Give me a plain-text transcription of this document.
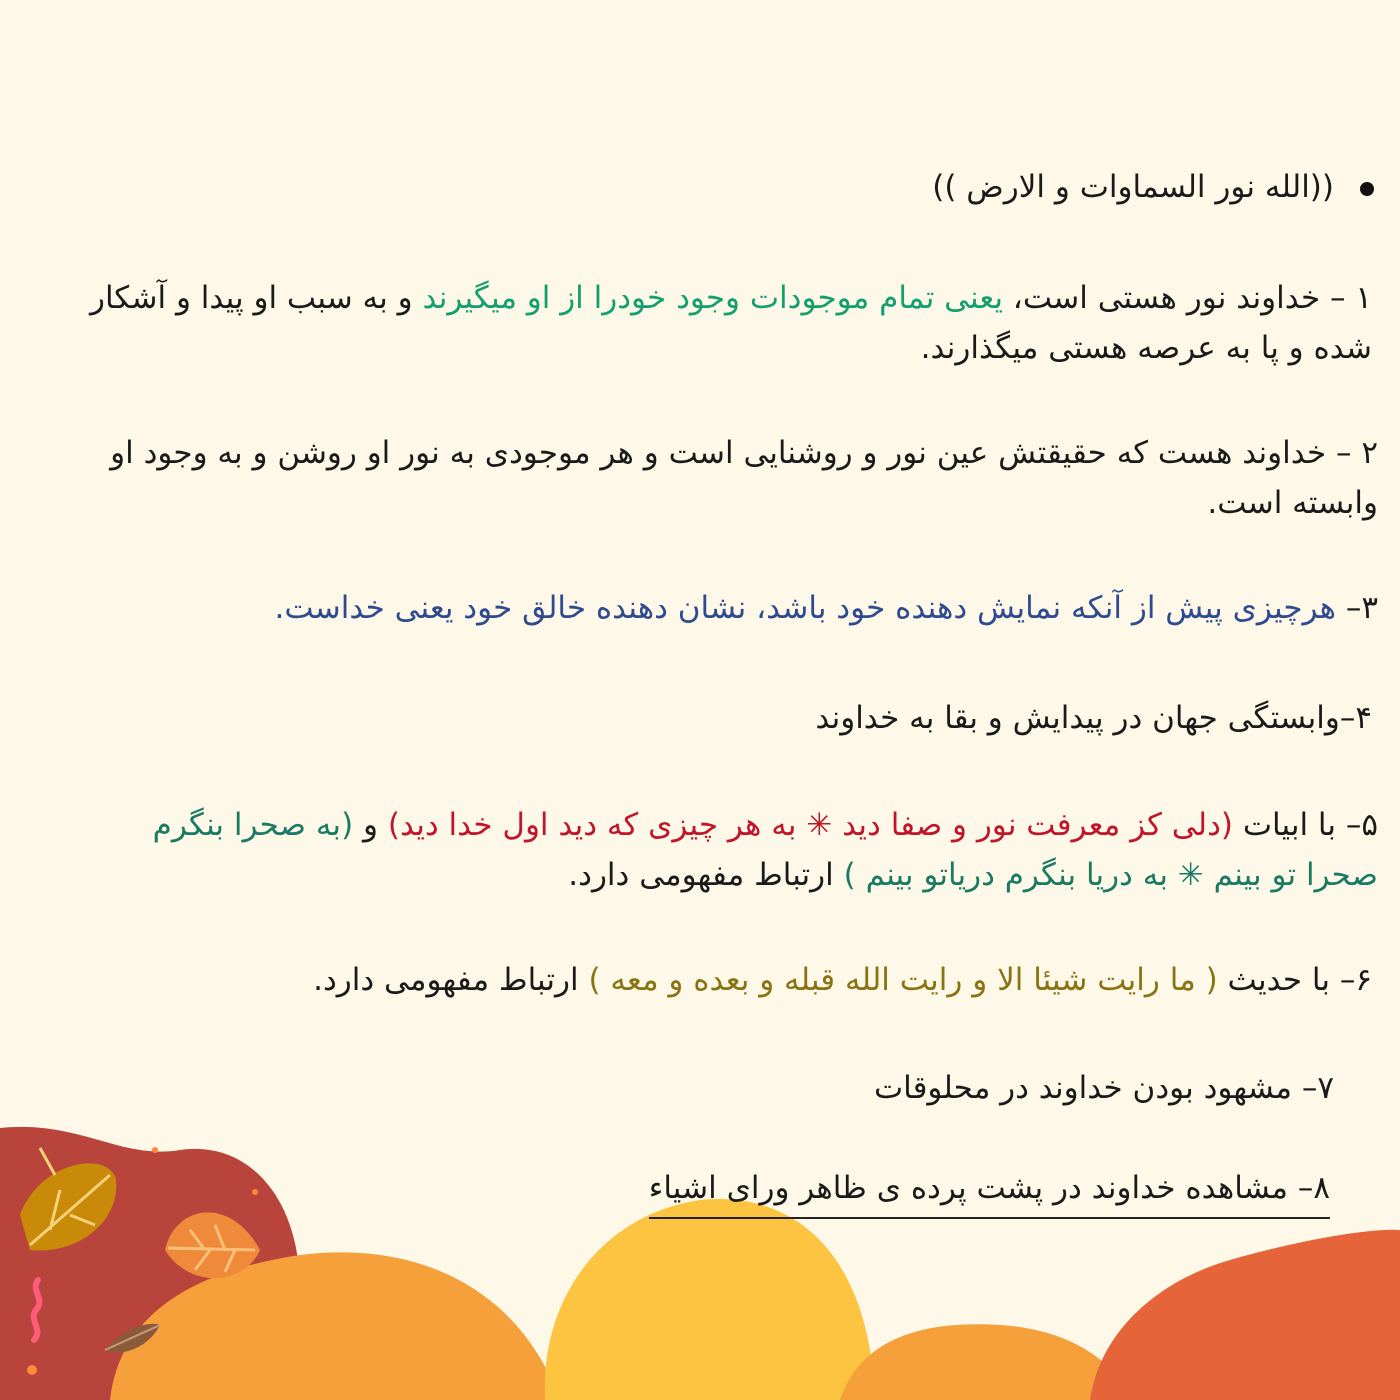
((الله نور السماوات و الارض ))

۱ – خداوند نور هستی است، یعنی تمام موجودات وجود خودرا از او میگیرند و به سبب او پیدا و آشکار شده و پا به عرصه هستی میگذارند.

۲ – خداوند هست که حقیقتش عین نور و روشنایی است و هر موجودی به نور او روشن و به وجود او وابسته است.

۳– هرچیزی پیش از آنکه نمایش دهنده خود باشد، نشان دهنده خالق خود یعنی خداست.

۴–وابستگی جهان در پیدایش و بقا به خداوند

۵– با ابیات (دلی کز معرفت نور و صفا دید ✳ به هر چیزی که دید اول خدا دید) و (به صحرا بنگرم صحرا تو بینم ✳ به دریا بنگرم دریاتو بینم ) ارتباط مفهومی دارد.

۶– با حدیث ( ما رایت شیئا الا و رایت الله قبله و بعده و معه ) ارتباط مفهومی دارد.

۷– مشهود بودن خداوند در محلوقات

۸– مشاهده خداوند در پشت پرده ی ظاهر ورای اشیاء
